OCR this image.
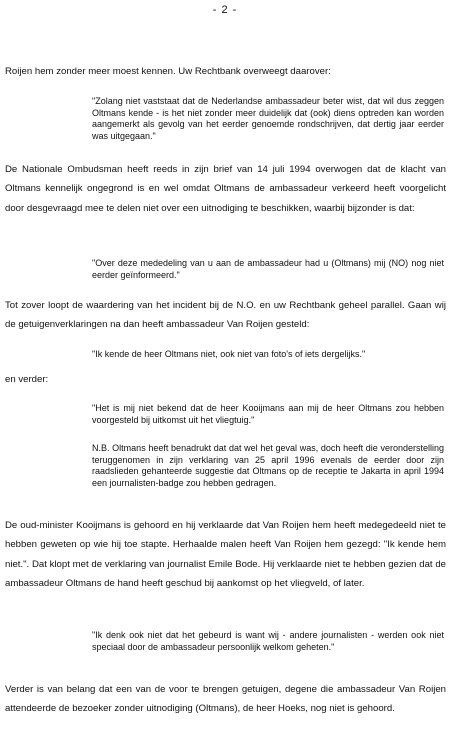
- 2 -

Roijen hem zonder meer moest kennen. Uw Rechtbank overweegt daarover:

"Zolang niet vaststaat dat de Nederlandse ambassadeur beter wist, dat wil dus zeggen Oltmans kende - is het niet zonder meer duidelijk dat (ook) diens optreden kan worden aangemerkt als gevolg van het eerder genoemde rondschrijven, dat dertig jaar eerder was uitgegaan."

De Nationale Ombudsman heeft reeds in zijn brief van 14 juli 1994 overwogen dat de klacht van Oltmans kennelijk ongegrond is en wel omdat Oltmans de ambassadeur verkeerd heeft voorgelicht door desgevraagd mee te delen niet over een uitnodiging te beschikken, waarbij bijzonder is dat:

"Over deze mededeling van u aan de ambassadeur had u (Oltmans) mij (NO) nog niet eerder geïnformeerd."

Tot zover loopt de waardering van het incident bij de N.O. en uw Rechtbank geheel parallel. Gaan wij de getuigenverklaringen na dan heeft ambassadeur Van Roijen gesteld:

"Ik kende de heer Oltmans niet, ook niet van foto's of iets dergelijks."

en verder:

"Het is mij niet bekend dat de heer Kooijmans aan mij de heer Oltmans zou hebben voorgesteld bij uitkomst uit het vliegtuig."

N.B. Oltmans heeft benadrukt dat dat wel het geval was, doch heeft die veronderstelling teruggenomen in zijn verklaring van 25 april 1996 evenals de eerder door zijn raadslieden gehanteerde suggestie dat Oltmans op de receptie te Jakarta in april 1994 een journalisten-badge zou hebben gedragen.

De oud-minister Kooijmans is gehoord en hij verklaarde dat Van Roijen hem heeft medegedeeld niet te hebben geweten op wie hij toe stapte. Herhaalde malen heeft Van Roijen hem gezegd: "Ik kende hem niet.". Dat klopt met de verklaring van journalist Emile Bode. Hij verklaarde niet te hebben gezien dat de ambassadeur Oltmans de hand heeft geschud bij aankomst op het vliegveld, of later.

"Ik denk ook niet dat het gebeurd is want wij - andere journalisten - werden ook niet speciaal door de ambassadeur persoonlijk welkom geheten."

Verder is van belang dat een van de voor te brengen getuigen, degene die ambassadeur Van Roijen attendeerde de bezoeker zonder uitnodiging (Oltmans), de heer Hoeks, nog niet is gehoord.
